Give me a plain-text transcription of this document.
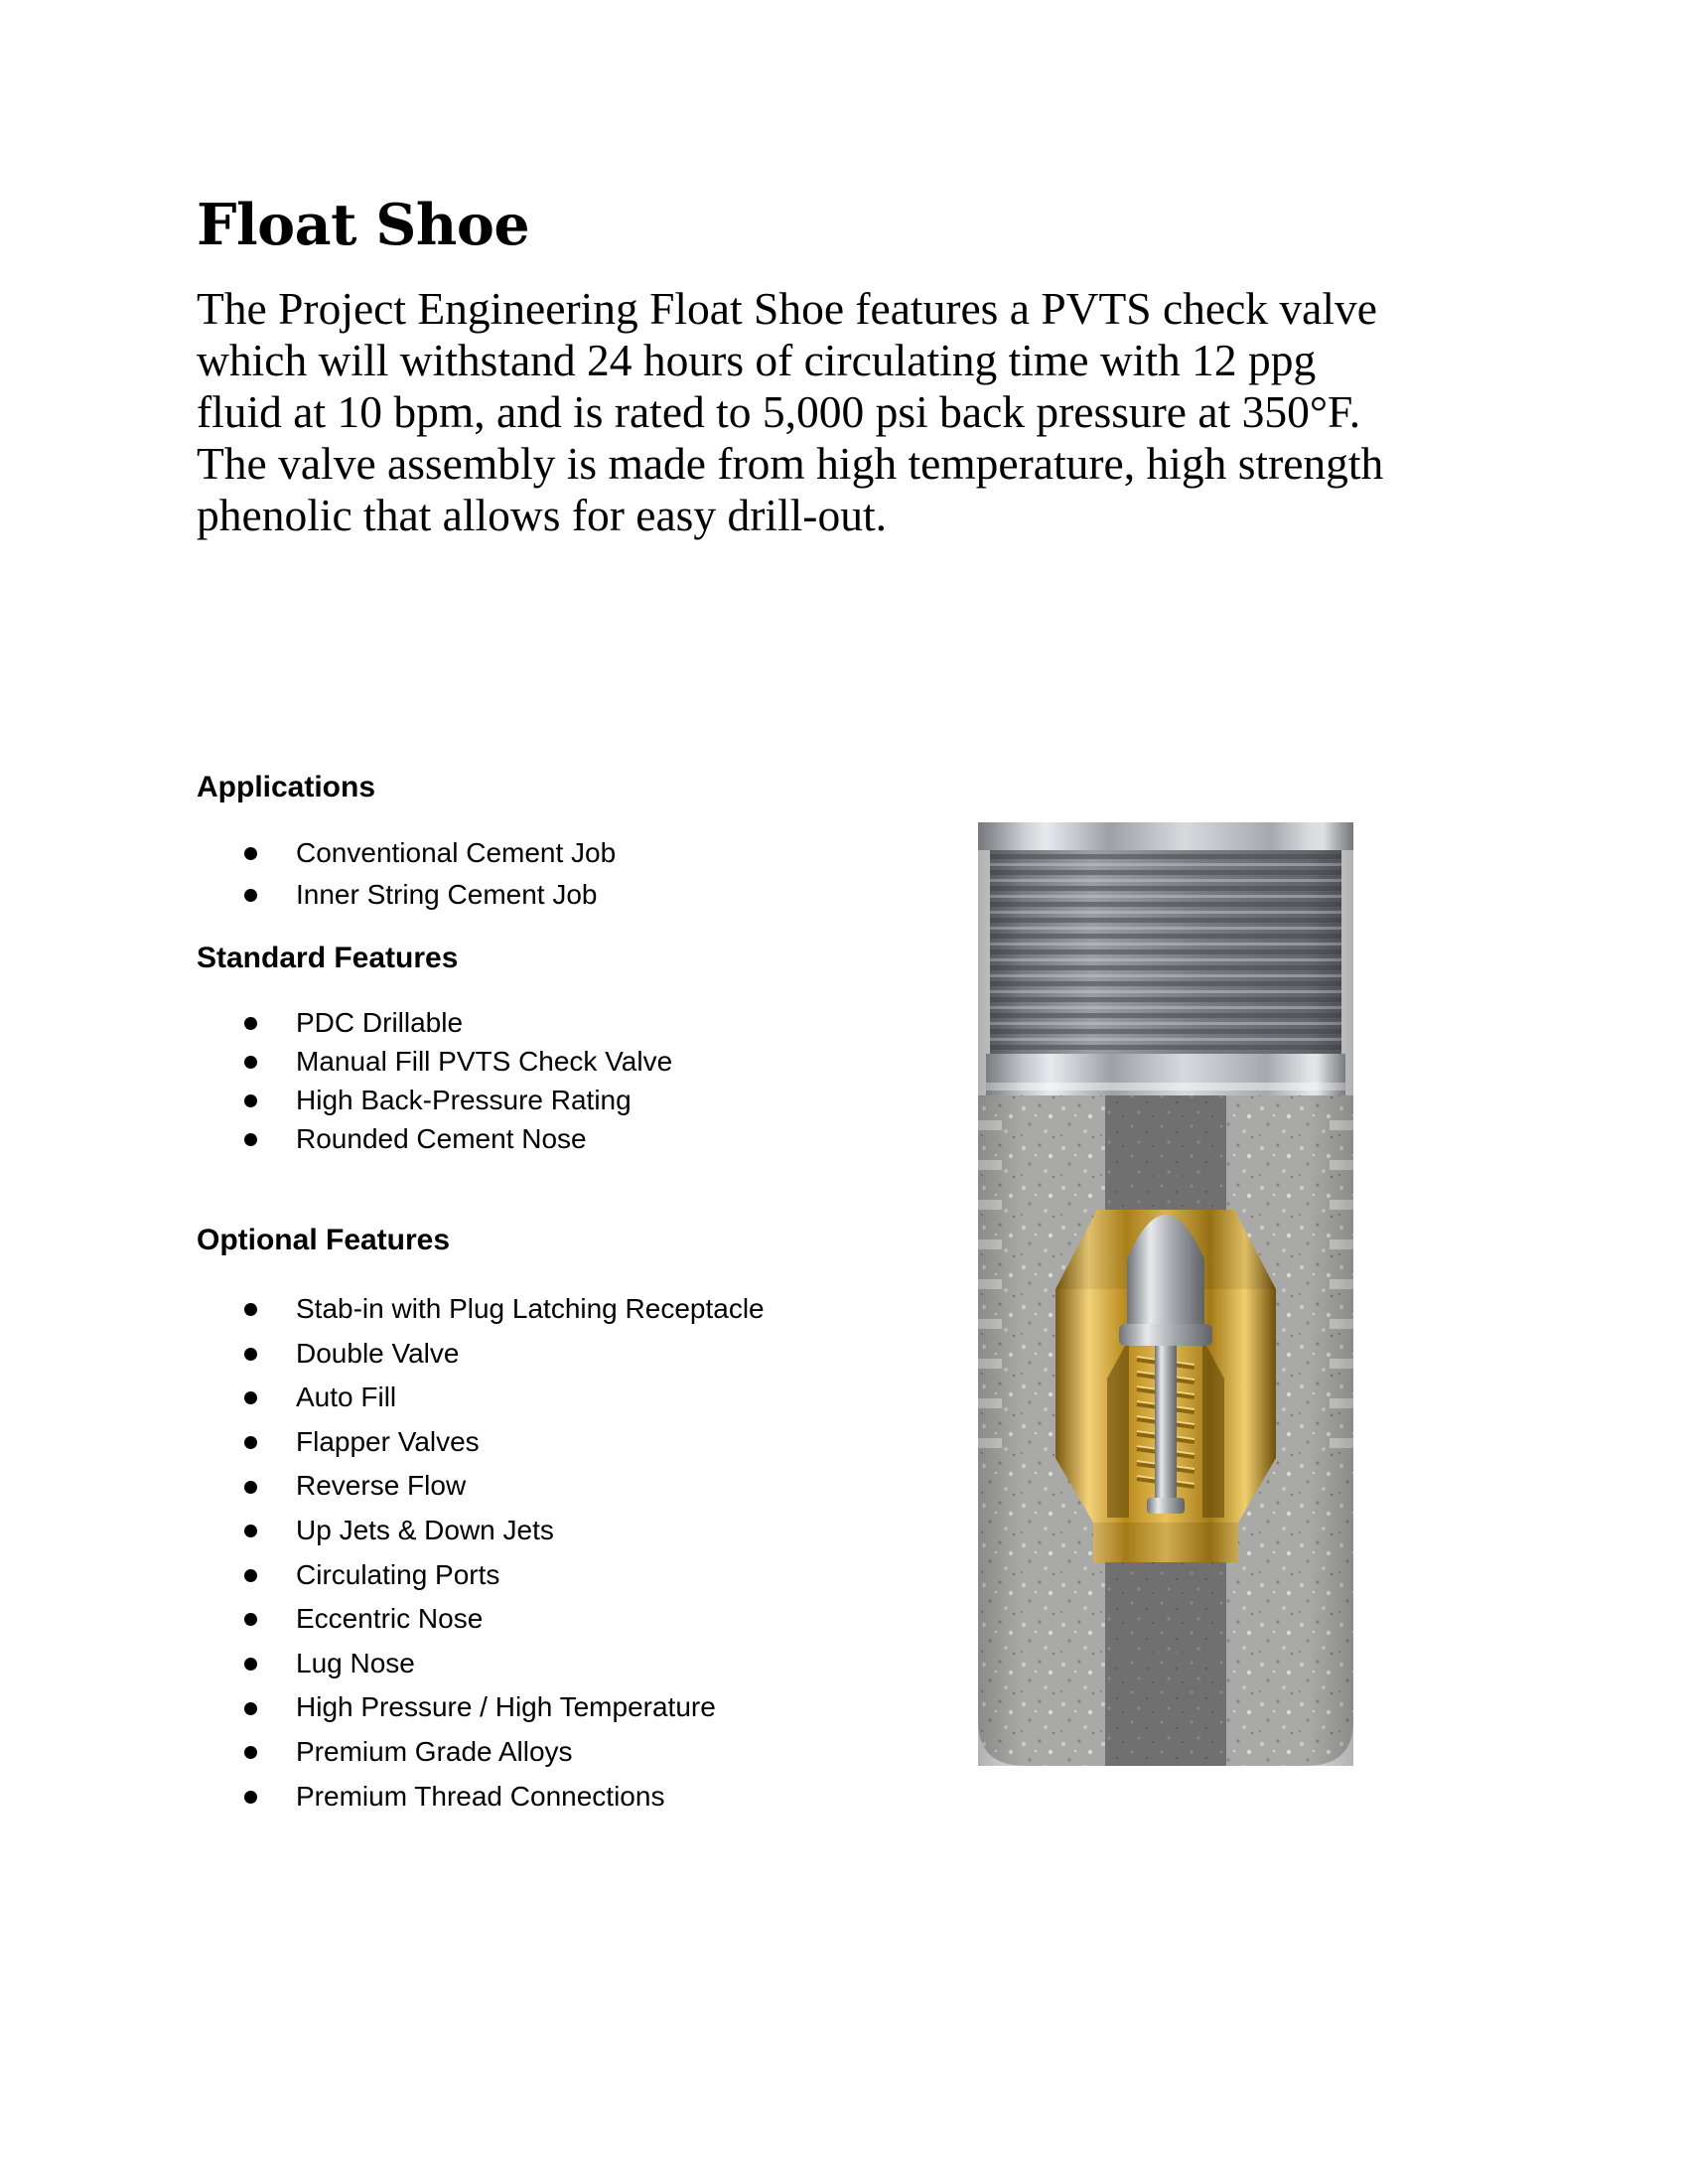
Float Shoe

The Project Engineering Float Shoe features a PVTS check valve
which will withstand 24 hours of circulating time with 12 ppg
fluid at 10 bpm, and is rated to 5,000 psi back pressure at 350°F.
The valve assembly is made from high temperature, high strength
phenolic that allows for easy drill-out.

Applications
Conventional Cement Job
Inner String Cement Job
Standard Features
PDC Drillable
Manual Fill PVTS Check Valve
High Back-Pressure Rating
Rounded Cement Nose
Optional Features
Stab-in with Plug Latching Receptacle
Double Valve
Auto Fill
Flapper Valves
Reverse Flow
Up Jets & Down Jets
Circulating Ports
Eccentric Nose
Lug Nose
High Pressure / High Temperature
Premium Grade Alloys
Premium Thread Connections
